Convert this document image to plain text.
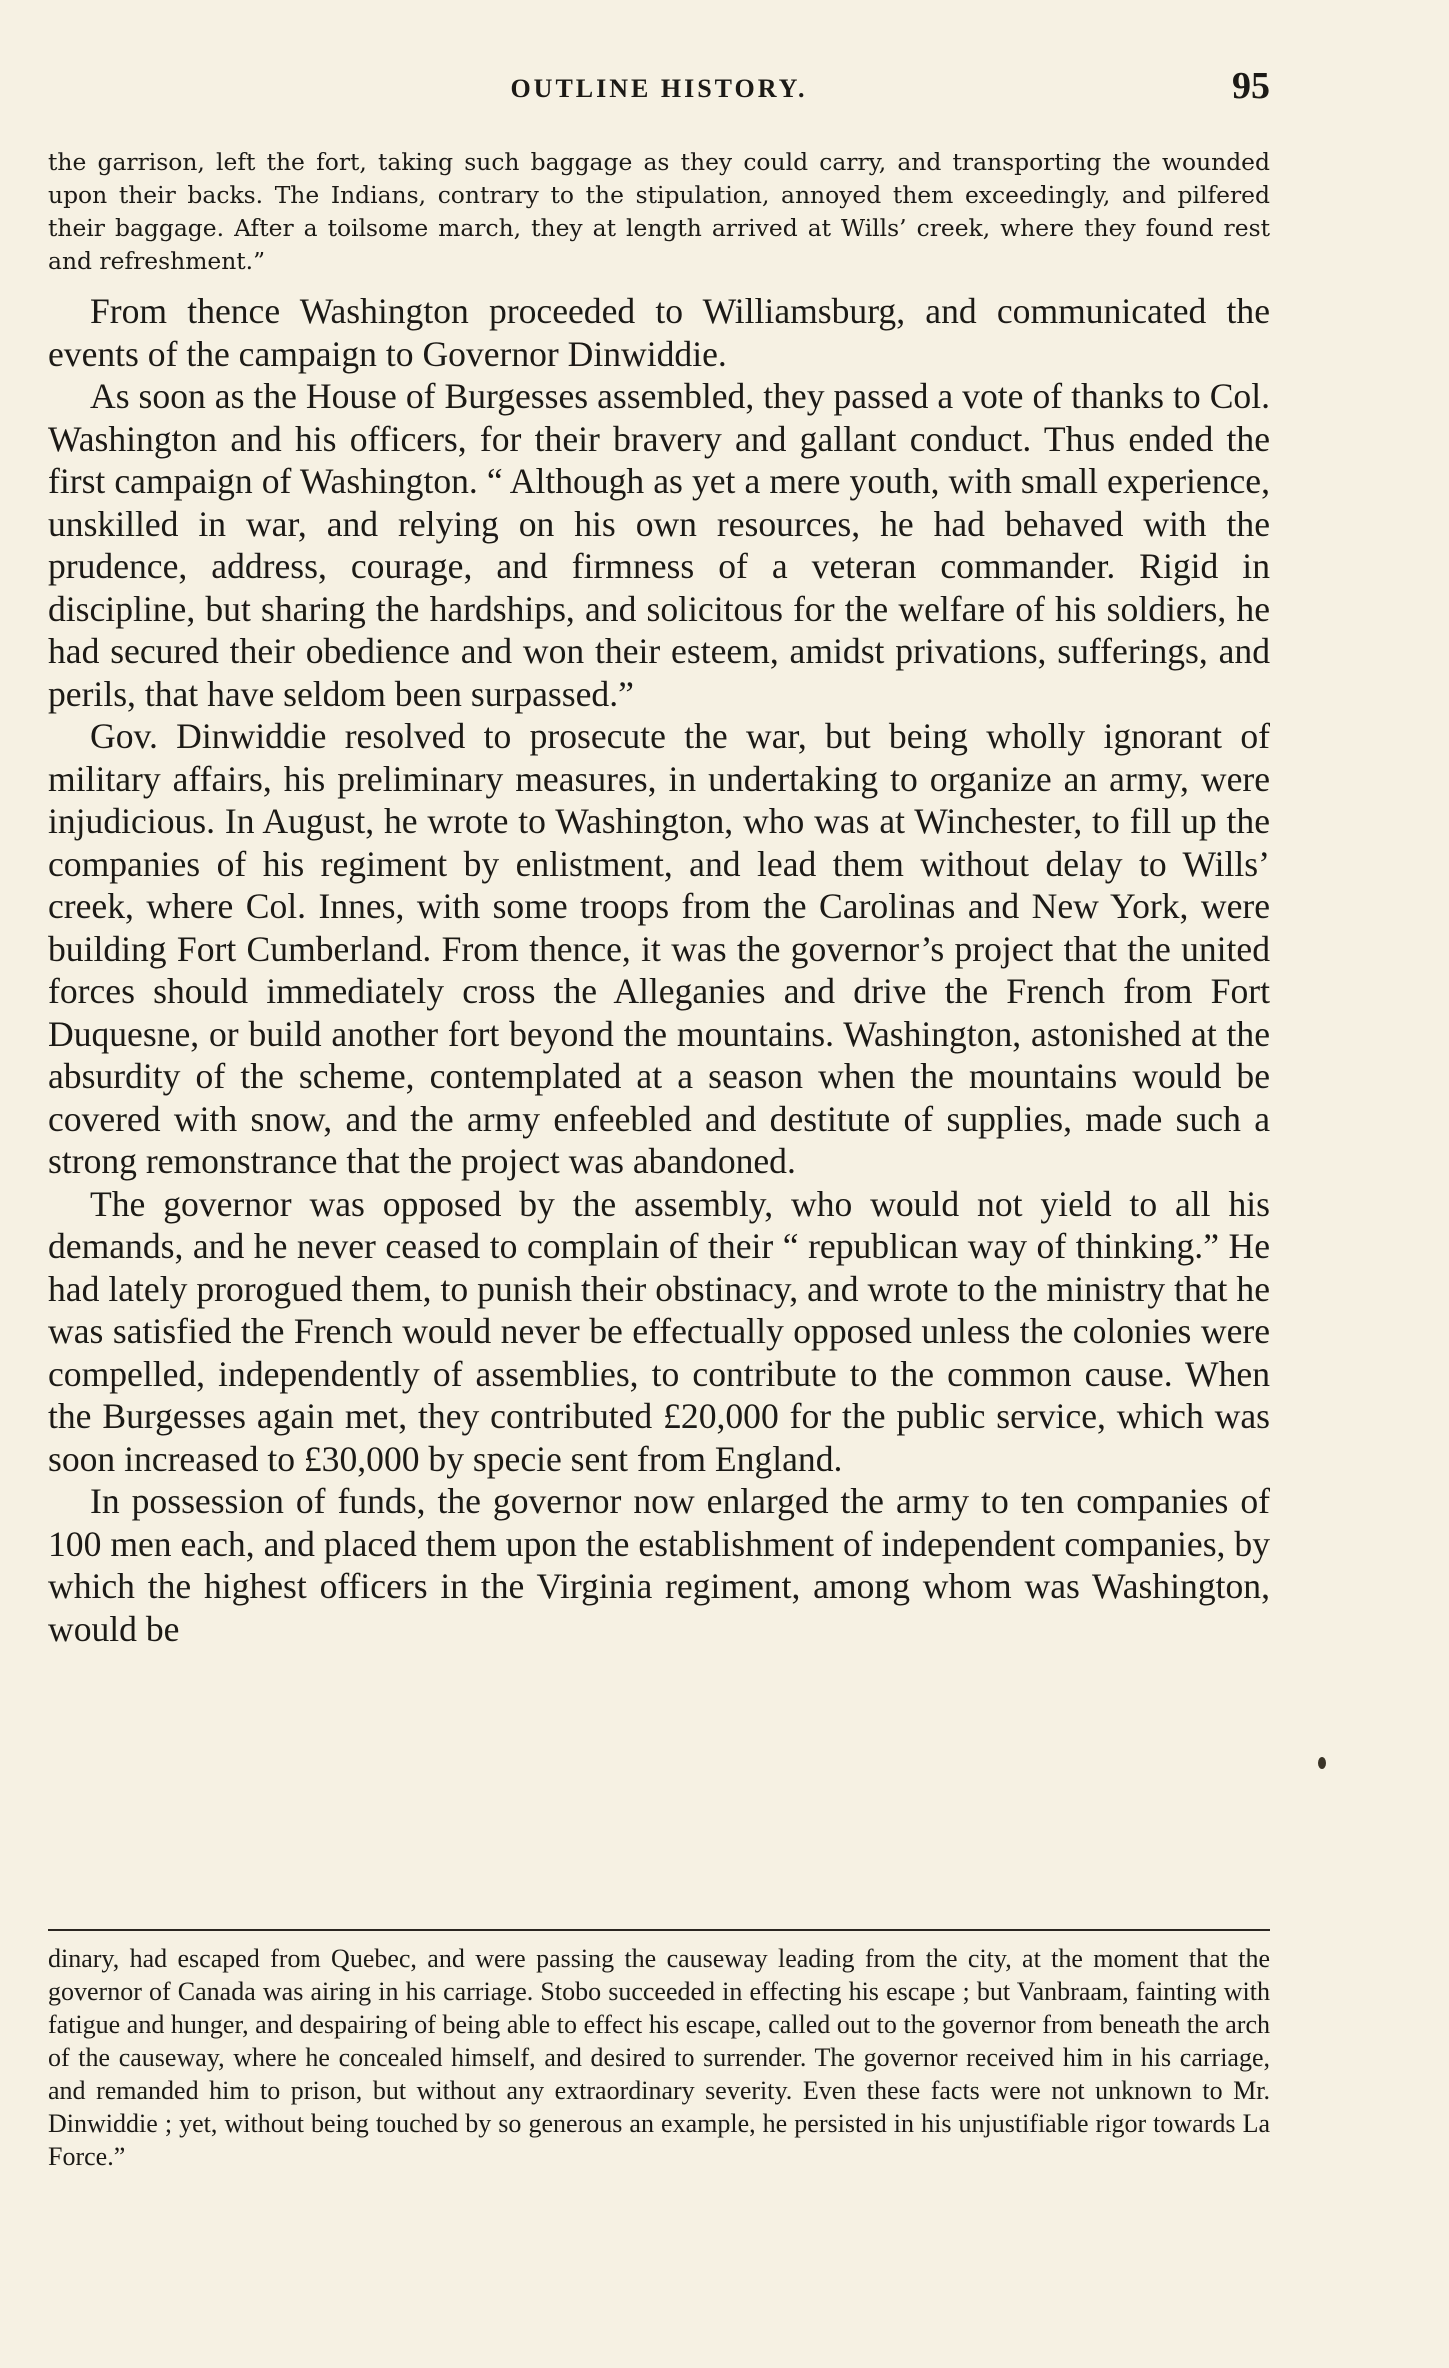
OUTLINE HISTORY.	95

the garrison, left the fort, taking such baggage as they could carry, and transporting the wounded upon their backs. The Indians, contrary to the stipulation, annoyed them exceedingly, and pilfered their baggage. After a toilsome march, they at length arrived at Wills’ creek, where they found rest and refreshment.”

From thence Washington proceeded to Williamsburg, and communicated the events of the campaign to Governor Dinwiddie.

As soon as the House of Burgesses assembled, they passed a vote of thanks to Col. Washington and his officers, for their bravery and gallant conduct. Thus ended the first campaign of Washington. “ Although as yet a mere youth, with small experience, unskilled in war, and relying on his own resources, he had behaved with the prudence, address, courage, and firmness of a veteran commander. Rigid in discipline, but sharing the hardships, and solicitous for the welfare of his soldiers, he had secured their obedience and won their esteem, amidst privations, sufferings, and perils, that have seldom been surpassed.”

Gov. Dinwiddie resolved to prosecute the war, but being wholly ignorant of military affairs, his preliminary measures, in undertaking to organize an army, were injudicious. In August, he wrote to Washington, who was at Winchester, to fill up the companies of his regiment by enlistment, and lead them without delay to Wills’ creek, where Col. Innes, with some troops from the Carolinas and New York, were building Fort Cumberland. From thence, it was the governor’s project that the united forces should immediately cross the Alleganies and drive the French from Fort Duquesne, or build another fort beyond the mountains. Washington, astonished at the absurdity of the scheme, contemplated at a season when the mountains would be covered with snow, and the army enfeebled and destitute of supplies, made such a strong remonstrance that the project was abandoned.

The governor was opposed by the assembly, who would not yield to all his demands, and he never ceased to complain of their “ republican way of thinking.” He had lately prorogued them, to punish their obstinacy, and wrote to the ministry that he was satisfied the French would never be effectually opposed unless the colonies were compelled, independently of assemblies, to contribute to the common cause. When the Burgesses again met, they contributed £20,000 for the public service, which was soon increased to £30,000 by specie sent from England.

In possession of funds, the governor now enlarged the army to ten companies of 100 men each, and placed them upon the establishment of independent companies, by which the highest officers in the Virginia regiment, among whom was Washington, would be

dinary, had escaped from Quebec, and were passing the causeway leading from the city, at the moment that the governor of Canada was airing in his carriage. Stobo succeeded in effecting his escape ; but Vanbraam, fainting with fatigue and hunger, and despairing of being able to effect his escape, called out to the governor from beneath the arch of the causeway, where he concealed himself, and desired to surrender. The governor received him in his carriage, and remanded him to prison, but without any extraordinary severity. Even these facts were not unknown to Mr. Dinwiddie ; yet, without being touched by so generous an example, he persisted in his unjustifiable rigor towards La Force.”
